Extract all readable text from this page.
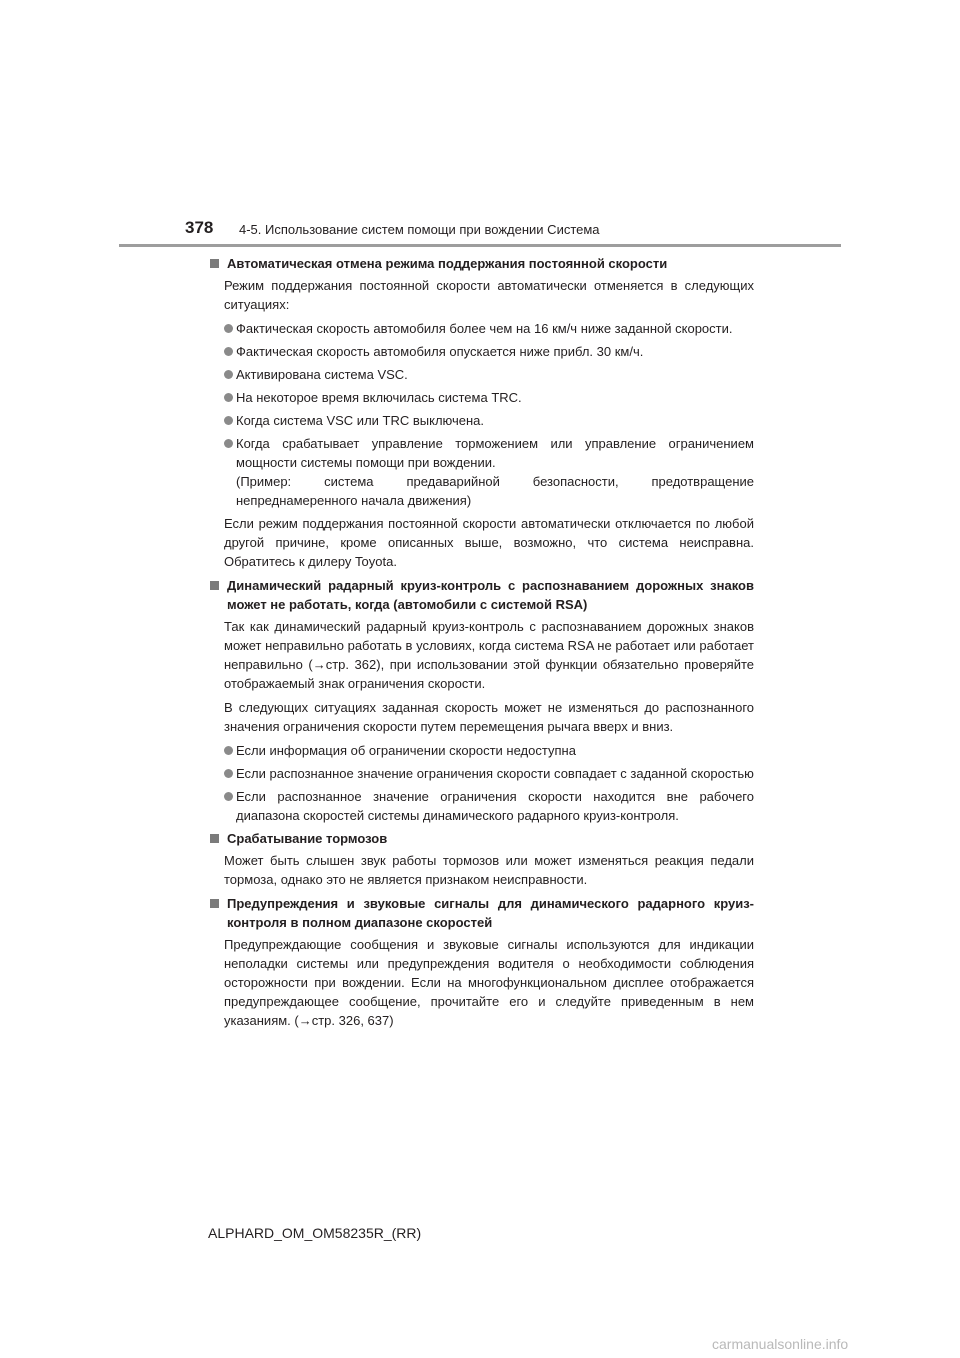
378 4-5. Использование систем помощи при вождении Система
Автоматическая отмена режима поддержания постоянной скорости
Режим поддержания постоянной скорости автоматически отменяется в следующих ситуациях:
Фактическая скорость автомобиля более чем на 16 км/ч ниже заданной скорости.
Фактическая скорость автомобиля опускается ниже прибл. 30 км/ч.
Активирована система VSC.
На некоторое время включилась система TRC.
Когда система VSC или TRC выключена.
Когда срабатывает управление торможением или управление ограничением мощности системы помощи при вождении.
(Пример: система предаварийной безопасности, предотвращение непреднамеренного начала движения)
Если режим поддержания постоянной скорости автоматически отключается по любой другой причине, кроме описанных выше, возможно, что система неисправна. Обратитесь к дилеру Toyota.
Динамический радарный круиз-контроль с распознаванием дорожных знаков может не работать, когда (автомобили с системой RSA)
Так как динамический радарный круиз-контроль с распознаванием дорожных знаков может неправильно работать в условиях, когда система RSA не работает или работает неправильно (→стр. 362), при использовании этой функции обязательно проверяйте отображаемый знак ограничения скорости.
В следующих ситуациях заданная скорость может не изменяться до распознанного значения ограничения скорости путем перемещения рычага вверх и вниз.
Если информация об ограничении скорости недоступна
Если распознанное значение ограничения скорости совпадает с заданной скоростью
Если распознанное значение ограничения скорости находится вне рабочего диапазона скоростей системы динамического радарного круиз-контроля.
Срабатывание тормозов
Может быть слышен звук работы тормозов или может изменяться реакция педали тормоза, однако это не является признаком неисправности.
Предупреждения и звуковые сигналы для динамического радарного круиз-контроля в полном диапазоне скоростей
Предупреждающие сообщения и звуковые сигналы используются для индикации неполадки системы или предупреждения водителя о необходимости соблюдения осторожности при вождении. Если на многофункциональном дисплее отображается предупреждающее сообщение, прочитайте его и следуйте приведенным в нем указаниям. (→стр. 326, 637)
ALPHARD_OM_OM58235R_(RR)
carmanualsonline.info
